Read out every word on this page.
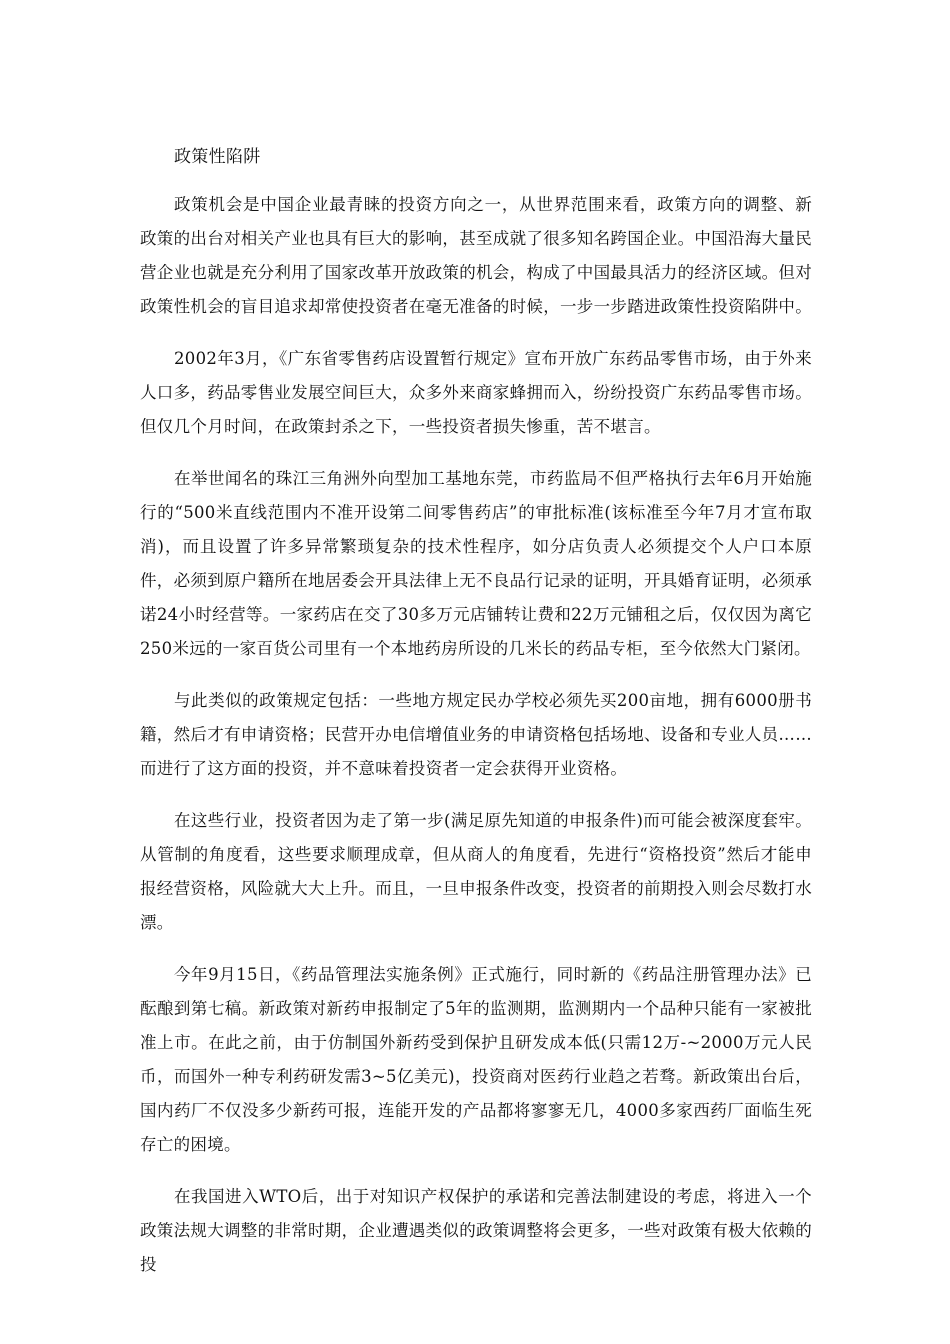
政策性陷阱

政策机会是中国企业最青睐的投资方向之一，从世界范围来看，政策方向的调整、新政策的出台对相关产业也具有巨大的影响，甚至成就了很多知名跨国企业。中国沿海大量民营企业也就是充分利用了国家改革开放政策的机会，构成了中国最具活力的经济区域。但对政策性机会的盲目追求却常使投资者在毫无准备的时候，一步一步踏进政策性投资陷阱中。

2002年3月，《广东省零售药店设置暂行规定》宣布开放广东药品零售市场，由于外来人口多，药品零售业发展空间巨大，众多外来商家蜂拥而入，纷纷投资广东药品零售市场。但仅几个月时间，在政策封杀之下，一些投资者损失惨重，苦不堪言。

在举世闻名的珠江三角洲外向型加工基地东莞，市药监局不但严格执行去年6月开始施行的“500米直线范围内不准开设第二间零售药店”的审批标准(该标准至今年7月才宣布取消)，而且设置了许多异常繁琐复杂的技术性程序，如分店负责人必须提交个人户口本原件，必须到原户籍所在地居委会开具法律上无不良品行记录的证明，开具婚育证明，必须承诺24小时经营等。一家药店在交了30多万元店铺转让费和22万元铺租之后，仅仅因为离它250米远的一家百货公司里有一个本地药房所设的几米长的药品专柜，至今依然大门紧闭。

与此类似的政策规定包括：一些地方规定民办学校必须先买200亩地，拥有6000册书籍，然后才有申请资格；民营开办电信增值业务的申请资格包括场地、设备和专业人员……而进行了这方面的投资，并不意味着投资者一定会获得开业资格。

在这些行业，投资者因为走了第一步(满足原先知道的申报条件)而可能会被深度套牢。从管制的角度看，这些要求顺理成章，但从商人的角度看，先进行“资格投资”然后才能申报经营资格，风险就大大上升。而且，一旦申报条件改变，投资者的前期投入则会尽数打水漂。

今年9月15日，《药品管理法实施条例》正式施行，同时新的《药品注册管理办法》已酝酿到第七稿。新政策对新药申报制定了5年的监测期，监测期内一个品种只能有一家被批准上市。在此之前，由于仿制国外新药受到保护且研发成本低(只需12万-~2000万元人民币，而国外一种专利药研发需3~5亿美元)，投资商对医药行业趋之若骛。新政策出台后，国内药厂不仅没多少新药可报，连能开发的产品都将寥寥无几，4000多家西药厂面临生死存亡的困境。

在我国进入WTO后，出于对知识产权保护的承诺和完善法制建设的考虑，将进入一个政策法规大调整的非常时期，企业遭遇类似的政策调整将会更多，一些对政策有极大依赖的投
